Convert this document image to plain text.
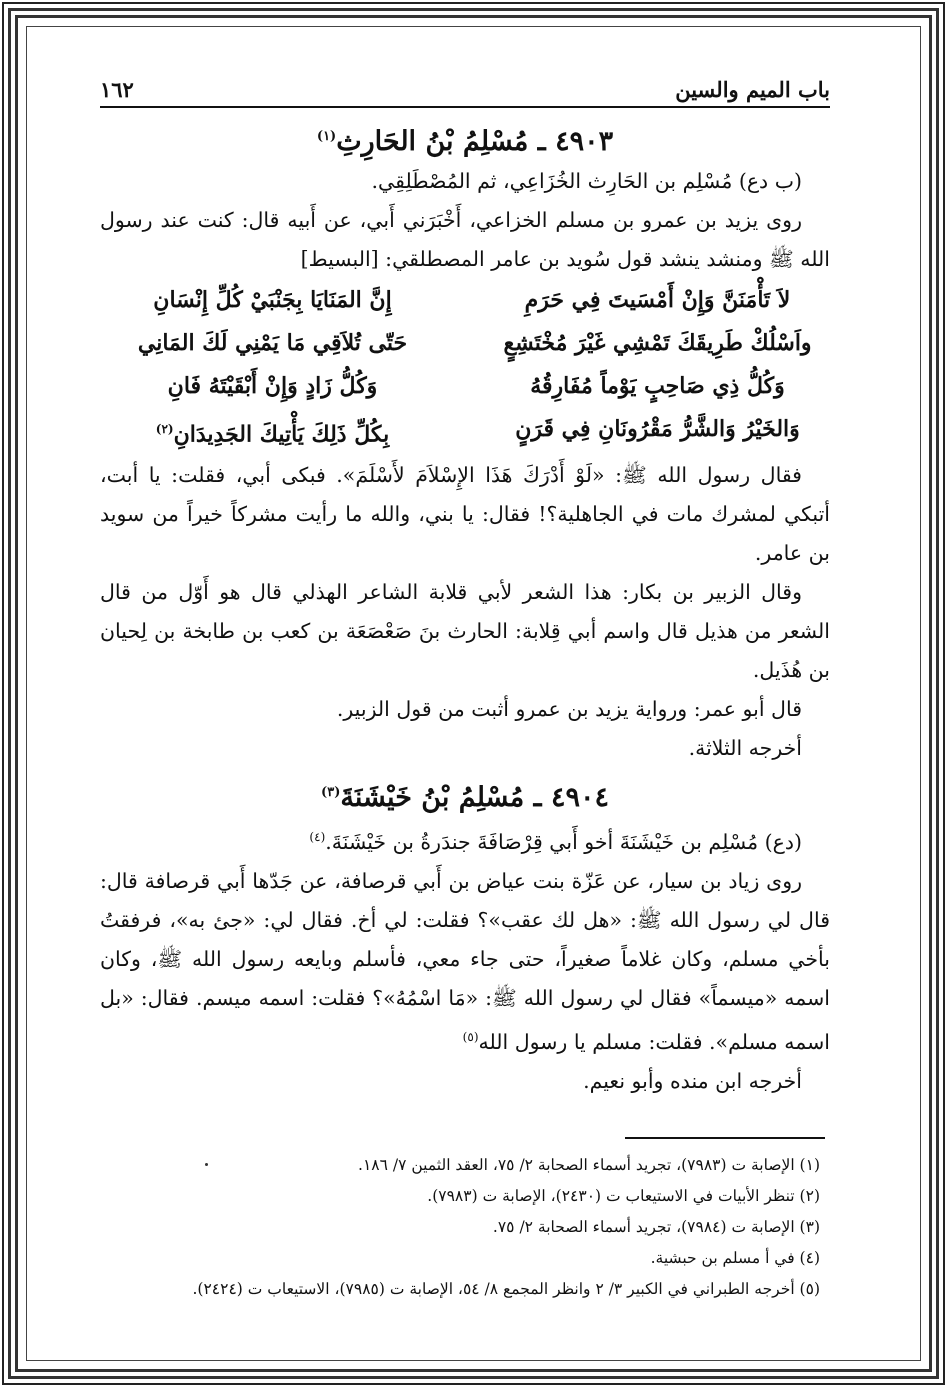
باب الميم والسين
١٦٢
٤٩٠٣ ـ مُسْلِمُ بْنُ الحَارِثِ$^{(١)}$

(ب دع) مُسْلِم بن الحَارِث الخُزَاعِي، ثم المُصْطَلِقِي.

روى يزيد بن عمرو بن مسلم الخزاعي، أَخْبَرَني أَبي، عن أَبيه قال: كنت عند رسول الله ﷺ ومنشد ينشد قول سُويد بن عامر المصطلقي: [البسيط]

لاَ تَأْمَنَنَّ وَإِنْ أَمْسَيتَ فِي حَرَمِ
إِنَّ المَنَايَا بِجَنْبَيْ كُلِّ إِنْسَانِ
واَسْلُكْ طَرِيقَكَ تَمْشِي غَيْرَ مُخْتَشِعٍ
حَتّى تُلاَقِي مَا يَمْنِي لَكَ المَانِي
وَكُلُّ ذِي صَاحِبٍ يَوْماً مُفَارِقُهُ
وَكُلُّ زَادٍ وَإِنْ أَبْقَيْتَهُ فَانِ
وَالخَيْرُ وَالشَّرُّ مَقْرُونَانِ فِي قَرَنٍ
بِكُلِّ ذَلِكَ يَأْتِيكَ الجَدِيدَانِ$^{(٢)}$

فقال رسول الله ﷺ: «لَوْ أَدْرَكَ هَذَا الإِسْلاَمَ لأَسْلَمَ». فبكى أبي، فقلت: يا أبت، أتبكي لمشرك مات في الجاهلية؟! فقال: يا بني، والله ما رأيت مشركاً خيراً من سويد بن عامر.

وقال الزبير بن بكار: هذا الشعر لأبي قلابة الشاعر الهذلي قال هو أَوّل من قال الشعر من هذيل قال واسم أبي قِلابة: الحارث بنَ صَعْصَعَة بن كعب بن طابخة بن لِحيان بن هُذَيل.

قال أبو عمر: ورواية يزيد بن عمرو أثبت من قول الزبير.

أخرجه الثلاثة.

٤٩٠٤ ـ مُسْلِمُ بْنُ خَيْشَنَةَ$^{(٣)}$

(دع) مُسْلِم بن خَيْشَنَةَ أخو أَبي قِرْصَافَةَ جندَرةُ بن خَيْشَنَةَ.$^{(٤)}$

روى زياد بن سيار، عن عَزّة بنت عياض بن أَبي قرصافة، عن جَدّها أَبي قرصافة قال: قال لي رسول الله ﷺ: «هل لك عقب»؟ فقلت: لي أخ. فقال لي: «جئ به»، فرفقتُ بأخي مسلم، وكان غلاماً صغيراً، حتى جاء معي، فأسلم وبايعه رسول الله ﷺ، وكان اسمه «ميسماً» فقال لي رسول الله ﷺ: «مَا اسْمُهُ»؟ فقلت: اسمه ميسم. فقال: «بل اسمه مسلم». فقلت: مسلم يا رسول الله$^{(٥)}$

أخرجه ابن منده وأبو نعيم.

(١) الإصابة ت (٧٩٨٣)، تجريد أسماء الصحابة ٢/ ٧٥، العقد الثمين ٧/ ١٨٦.
(٢) تنظر الأبيات في الاستيعاب ت (٢٤٣٠)، الإصابة ت (٧٩٨٣).
(٣) الإصابة ت (٧٩٨٤)، تجريد أسماء الصحابة ٢/ ٧٥.
(٤) في أ مسلم بن حبشية.
(٥) أخرجه الطبراني في الكبير ٣/ ٢ وانظر المجمع ٨/ ٥٤، الإصابة ت (٧٩٨٥)، الاستيعاب ت (٢٤٢٤).
